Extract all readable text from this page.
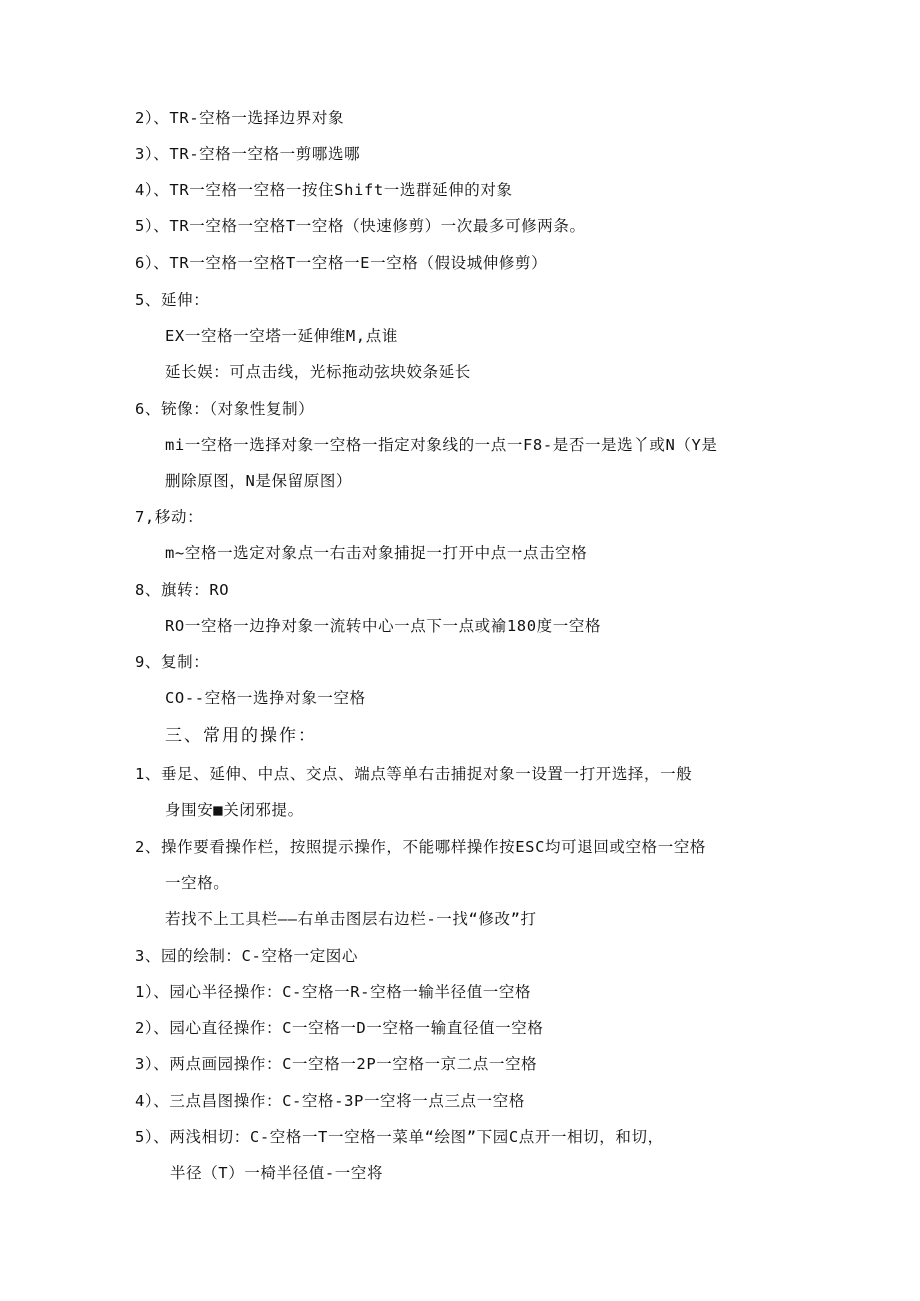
2）、TR-空格一选择边界对象
3）、TR-空格一空格一剪哪选哪
4）、TR一空格一空格一按住Shift一选群延伸的对象
5）、TR一空格一空格T一空格（快速修剪）一次最多可修两条。
6）、TR一空格一空格T一空格一E一空格（假设城伸修剪）
5、延伸：
EX一空格一空塔一延伸维M,点谁
延长娱：可点击线，光标拖动弦块姣条延长
6、铳像：（对象性复制）
mi一空格一选择对象一空格一指定对象线的一点一F8-是否一是选丫或N（Y是
删除原图，N是保留原图）
7,移动：
m~空格一选定对象点一右击对象捕捉一打开中点一点击空格
8、旗转：RO
RO一空格一边挣对象一流转中心一点下一点或褕180度一空格
9、复制：
CO--空格一选挣对象一空格
三、常用的操作：
1、垂足、延伸、中点、交点、端点等单右击捕捉对象一设置一打开选择，一般
身围安■关闭邪提。
2、操作要看操作栏，按照提示操作，不能哪样操作按ESC均可退回或空格一空格
一空格。
若找不上工具栏——右单击图层右边栏-一找“修改”打
3、园的绘制：C-空格一定囡心
1）、园心半径操作：C-空格一R-空格一输半径值一空格
2）、园心直径操作：C一空格一D一空格一输直径值一空格
3）、两点画园操作：C一空格一2P一空格一京二点一空格
4）、三点昌图操作：C-空格-3P一空将一点三点一空格
5）、两浅相切：C-空格一T一空格一菜单“绘图”下园C点开一相切，和切，
半径（T）一椅半径值-一空将
